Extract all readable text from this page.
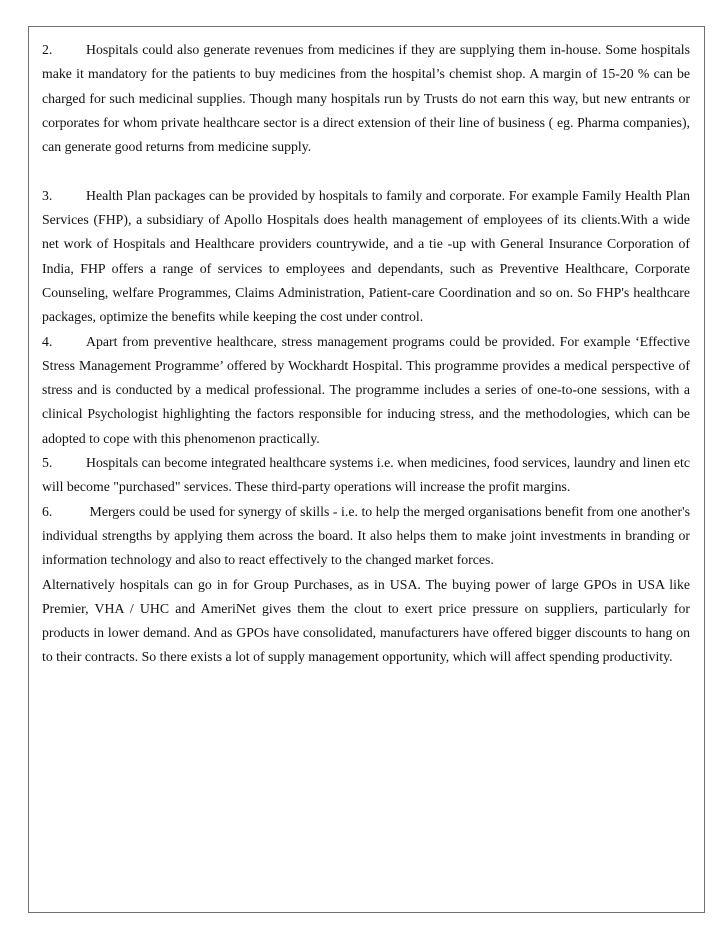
2. Hospitals could also generate revenues from medicines if they are supplying them in-house. Some hospitals make it mandatory for the patients to buy medicines from the hospital’s chemist shop. A margin of 15-20 % can be charged for such medicinal supplies. Though many hospitals run by Trusts do not earn this way, but new entrants or corporates for whom private healthcare sector is a direct extension of their line of business ( eg. Pharma companies), can generate good returns from medicine supply.

3. Health Plan packages can be provided by hospitals to family and corporate. For example Family Health Plan Services (FHP), a subsidiary of Apollo Hospitals does health management of employees of its clients.With a wide net work of Hospitals and Healthcare providers countrywide, and a tie -up with General Insurance Corporation of India, FHP offers a range of services to employees and dependants, such as Preventive Healthcare, Corporate Counseling, welfare Programmes, Claims Administration, Patient-care Coordination and so on. So FHP's healthcare packages, optimize the benefits while keeping the cost under control.

4. Apart from preventive healthcare, stress management programs could be provided. For example ‘Effective Stress Management Programme’ offered by Wockhardt Hospital. This programme provides a medical perspective of stress and is conducted by a medical professional. The programme includes a series of one-to-one sessions, with a clinical Psychologist highlighting the factors responsible for inducing stress, and the methodologies, which can be adopted to cope with this phenomenon practically.

5. Hospitals can become integrated healthcare systems i.e. when medicines, food services, laundry and linen etc will become "purchased" services. These third-party operations will increase the profit margins.

6. Mergers could be used for synergy of skills - i.e. to help the merged organisations benefit from one another's individual strengths by applying them across the board. It also helps them to make joint investments in branding or information technology and also to react effectively to the changed market forces.

Alternatively hospitals can go in for Group Purchases, as in USA. The buying power of large GPOs in USA like Premier, VHA / UHC and AmeriNet gives them the clout to exert price pressure on suppliers, particularly for products in lower demand. And as GPOs have consolidated, manufacturers have offered bigger discounts to hang on to their contracts. So there exists a lot of supply management opportunity, which will affect spending productivity.
